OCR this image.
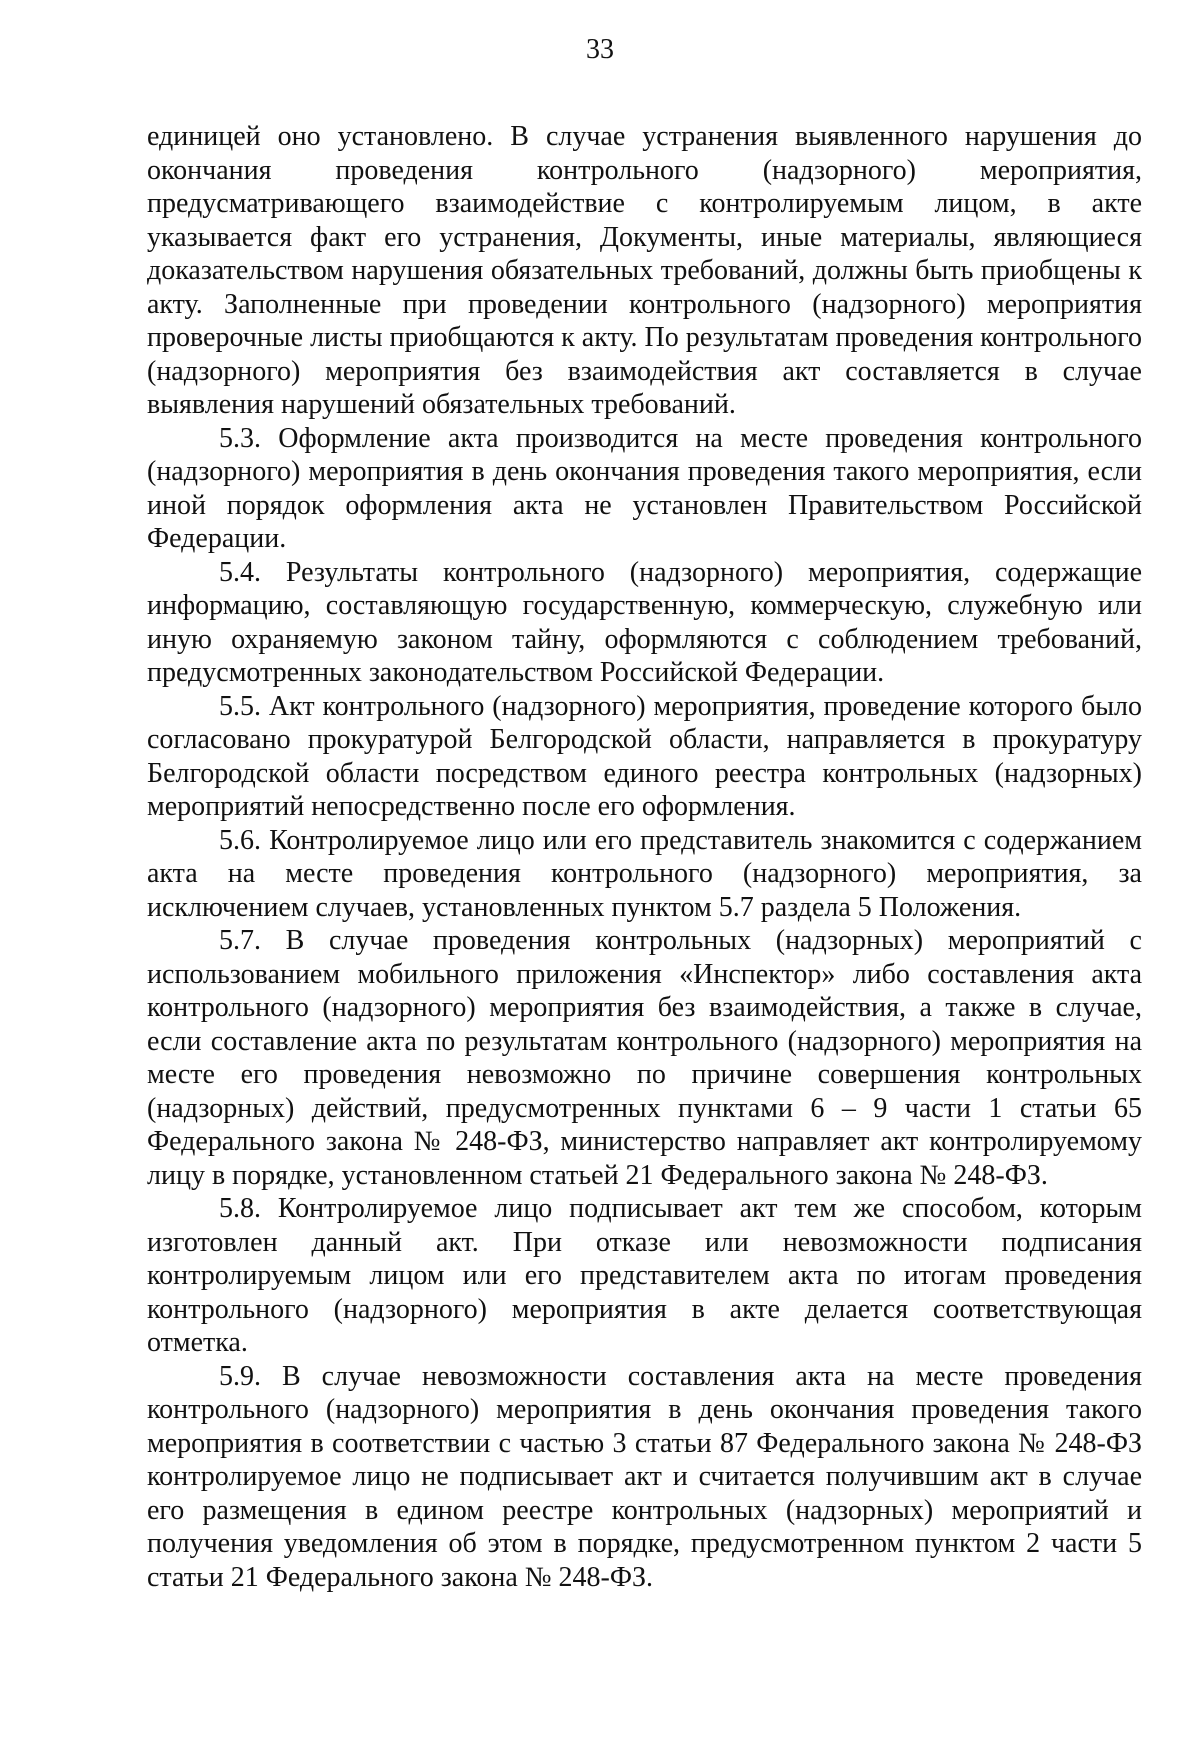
33

единицей оно установлено. В случае устранения выявленного нарушения до окончания проведения контрольного (надзорного) мероприятия, предусматривающего взаимодействие с контролируемым лицом, в акте указывается факт его устранения, Документы, иные материалы, являющиеся доказательством нарушения обязательных требований, должны быть приобщены к акту. Заполненные при проведении контрольного (надзорного) мероприятия проверочные листы приобщаются к акту. По результатам проведения контрольного (надзорного) мероприятия без взаимодействия акт составляется в случае выявления нарушений обязательных требований.

5.3. Оформление акта производится на месте проведения контрольного (надзорного) мероприятия в день окончания проведения такого мероприятия, если иной порядок оформления акта не установлен Правительством Российской Федерации.

5.4. Результаты контрольного (надзорного) мероприятия, содержащие информацию, составляющую государственную, коммерческую, служебную или иную охраняемую законом тайну, оформляются с соблюдением требований, предусмотренных законодательством Российской Федерации.

5.5. Акт контрольного (надзорного) мероприятия, проведение которого было согласовано прокуратурой Белгородской области, направляется в прокуратуру Белгородской области посредством единого реестра контрольных (надзорных) мероприятий непосредственно после его оформления.

5.6. Контролируемое лицо или его представитель знакомится с содержанием акта на месте проведения контрольного (надзорного) мероприятия, за исключением случаев, установленных пунктом 5.7 раздела 5 Положения.

5.7. В случае проведения контрольных (надзорных) мероприятий с использованием мобильного приложения «Инспектор» либо составления акта контрольного (надзорного) мероприятия без взаимодействия, а также в случае, если составление акта по результатам контрольного (надзорного) мероприятия на месте его проведения невозможно по причине совершения контрольных (надзорных) действий, предусмотренных пунктами 6 – 9 части 1 статьи 65 Федерального закона № 248-ФЗ, министерство направляет акт контролируемому лицу в порядке, установленном статьей 21 Федерального закона № 248-ФЗ.

5.8. Контролируемое лицо подписывает акт тем же способом, которым изготовлен данный акт. При отказе или невозможности подписания контролируемым лицом или его представителем акта по итогам проведения контрольного (надзорного) мероприятия в акте делается соответствующая отметка.

5.9. В случае невозможности составления акта на месте проведения контрольного (надзорного) мероприятия в день окончания проведения такого мероприятия в соответствии с частью 3 статьи 87 Федерального закона № 248-ФЗ контролируемое лицо не подписывает акт и считается получившим акт в случае его размещения в едином реестре контрольных (надзорных) мероприятий и получения уведомления об этом в порядке, предусмотренном пунктом 2 части 5 статьи 21 Федерального закона № 248-ФЗ.
